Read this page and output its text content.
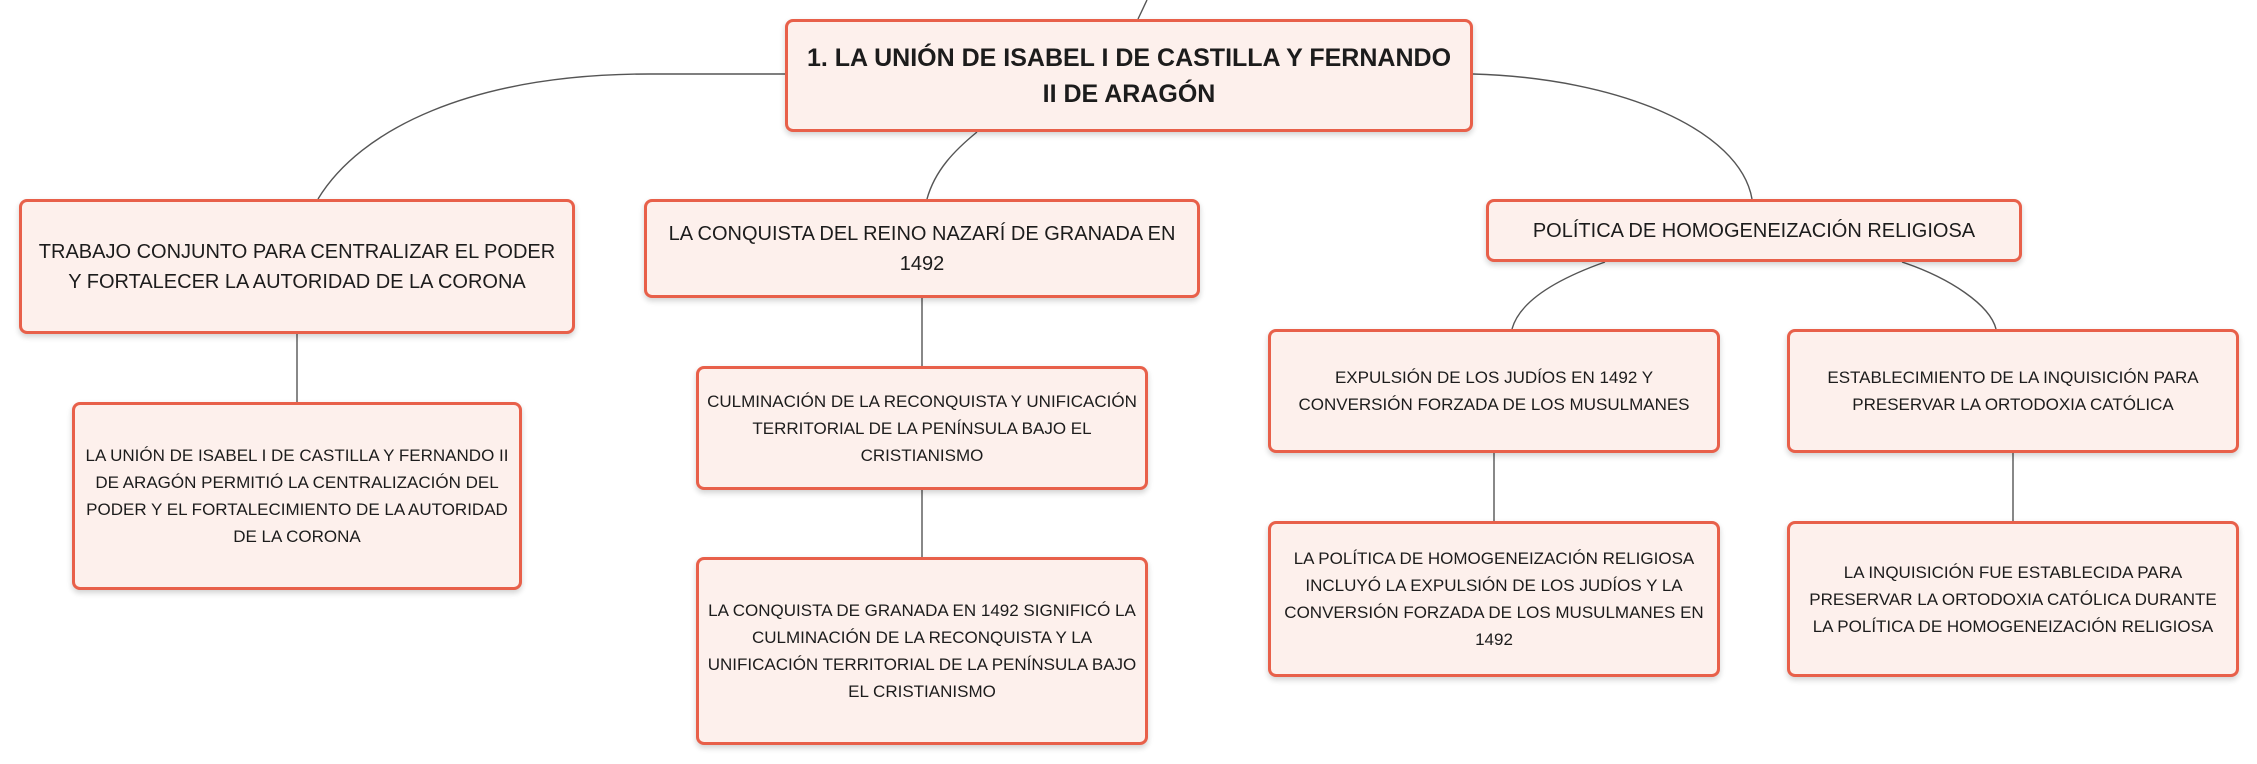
1. LA UNIÓN DE ISABEL I DE CASTILLA Y FERNANDO II DE ARAGÓN
TRABAJO CONJUNTO PARA CENTRALIZAR EL PODER Y FORTALECER LA AUTORIDAD DE LA CORONA
LA CONQUISTA DEL REINO NAZARÍ DE GRANADA EN 1492
POLÍTICA DE HOMOGENEIZACIÓN RELIGIOSA
LA UNIÓN DE ISABEL I DE CASTILLA Y FERNANDO II DE ARAGÓN PERMITIÓ LA CENTRALIZACIÓN DEL PODER Y EL FORTALECIMIENTO DE LA AUTORIDAD DE LA CORONA
CULMINACIÓN DE LA RECONQUISTA Y UNIFICACIÓN TERRITORIAL DE LA PENÍNSULA BAJO EL CRISTIANISMO
LA CONQUISTA DE GRANADA EN 1492 SIGNIFICÓ LA CULMINACIÓN DE LA RECONQUISTA Y LA UNIFICACIÓN TERRITORIAL DE LA PENÍNSULA BAJO EL CRISTIANISMO
EXPULSIÓN DE LOS JUDÍOS EN 1492 Y CONVERSIÓN FORZADA DE LOS MUSULMANES
ESTABLECIMIENTO DE LA INQUISICIÓN PARA PRESERVAR LA ORTODOXIA CATÓLICA
LA POLÍTICA DE HOMOGENEIZACIÓN RELIGIOSA INCLUYÓ LA EXPULSIÓN DE LOS JUDÍOS Y LA CONVERSIÓN FORZADA DE LOS MUSULMANES EN 1492
LA INQUISICIÓN FUE ESTABLECIDA PARA PRESERVAR LA ORTODOXIA CATÓLICA DURANTE LA POLÍTICA DE HOMOGENEIZACIÓN RELIGIOSA
